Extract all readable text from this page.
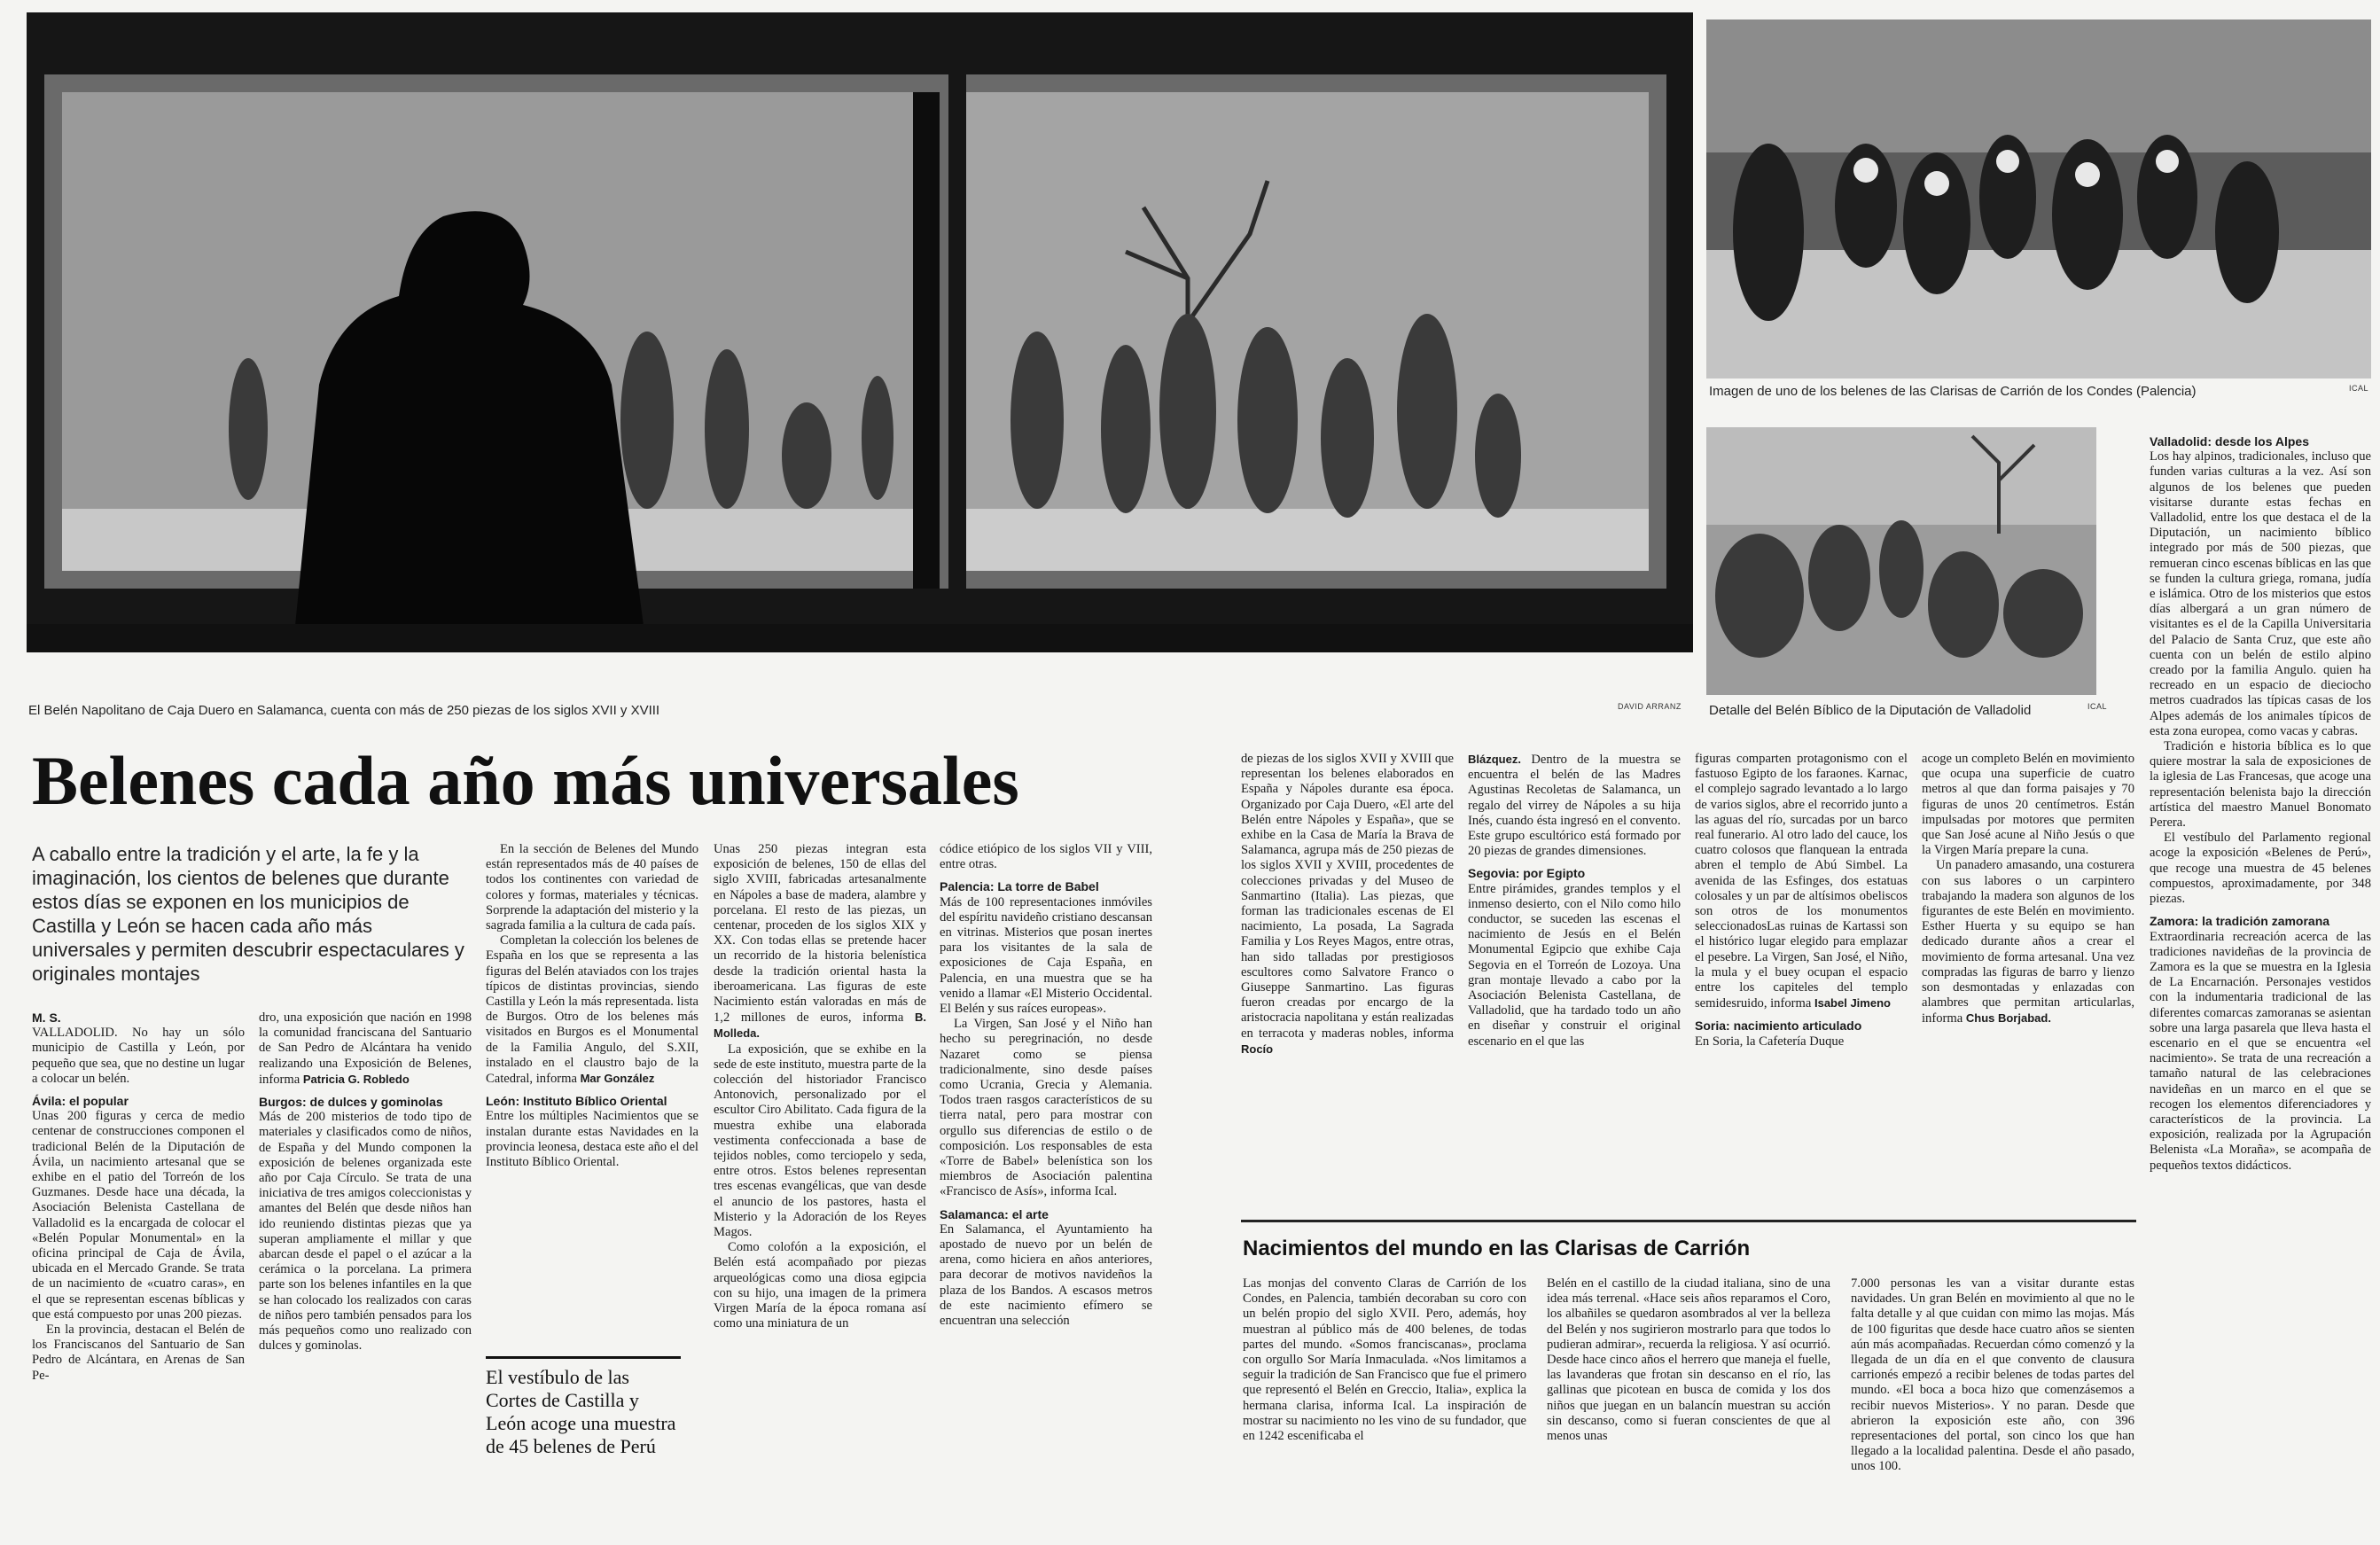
El Belén Napolitano de Caja Duero en Salamanca, cuenta con más de 250 piezas de los siglos XVII y XVIII	DAVID ARRANZ
Imagen de uno de los belenes de las Clarisas de Carrión de los Condes (Palencia)	ICAL
Detalle del Belén Bíblico de la Diputación de Valladolid	ICAL
Belenes cada año más universales
A caballo entre la tradición y el arte, la fe y la imaginación, los cientos de belenes que durante estos días se exponen en los municipios de Castilla y León se hacen cada año más universales y permiten descubrir espectaculares y originales montajes

M. S.

VALLADOLID. No hay un sólo municipio de Castilla y León, por pequeño que sea, que no destine un lugar a colocar un belén.

Ávila: el popular

Unas 200 figuras y cerca de medio centenar de construcciones componen el tradicional Belén de la Diputación de Ávila, un nacimiento artesanal que se exhibe en el patio del Torreón de los Guzmanes. Desde hace una década, la Asociación Belenista Castellana de Valladolid es la encargada de colocar el «Belén Popular Monumental» en la oficina principal de Caja de Ávila, ubicada en el Mercado Grande. Se trata de un nacimiento de «cuatro caras», en el que se representan escenas bíblicas y que está compuesto por unas 200 piezas.

En la provincia, destacan el Belén de los Franciscanos del Santuario de San Pedro de Alcántara, en Arenas de San Pe-

dro, una exposición que nación en 1998 la comunidad franciscana del Santuario de San Pedro de Alcántara ha venido realizando una Exposición de Belenes, informa Patricia G. Robledo

Burgos: de dulces y gominolas

Más de 200 misterios de todo tipo de materiales y clasificados como de niños, de España y del Mundo componen la exposición de belenes organizada este año por Caja Círculo. Se trata de una iniciativa de tres amigos coleccionistas y amantes del Belén que desde niños han ido reuniendo distintas piezas que ya superan ampliamente el millar y que abarcan desde el papel o el azúcar a la cerámica o la porcelana. La primera parte son los belenes infantiles en la que se han colocado los realizados con caras de niños pero también pensados para los más pequeños como uno realizado con dulces y gominolas.

En la sección de Belenes del Mundo están representados más de 40 países de todos los continentes con variedad de colores y formas, materiales y técnicas. Sorprende la adaptación del misterio y la sagrada familia a la cultura de cada país.

Completan la colección los belenes de España en los que se representa a las figuras del Belén ataviados con los trajes típicos de distintas provincias, siendo Castilla y León la más representada. lista de Burgos. Otro de los belenes más visitados en Burgos es el Monumental de la Familia Angulo, del S.XII, instalado en el claustro bajo de la Catedral, informa Mar González

León: Instituto Bíblico Oriental

Entre los múltiples Nacimientos que se instalan durante estas Navidades en la provincia leonesa, destaca este año el del Instituto Bíblico Oriental.

El vestíbulo de las Cortes de Castilla y León acoge una muestra de 45 belenes de Perú

Unas 250 piezas integran esta exposición de belenes, 150 de ellas del siglo XVIII, fabricadas artesanalmente en Nápoles a base de madera, alambre y porcelana. El resto de las piezas, un centenar, proceden de los siglos XIX y XX. Con todas ellas se pretende hacer un recorrido de la historia belenística desde la tradición oriental hasta la iberoamericana. Las figuras de este Nacimiento están valoradas en más de 1,2 millones de euros, informa B. Molleda.

La exposición, que se exhibe en la sede de este instituto, muestra parte de la colección del historiador Francisco Antonovich, personalizado por el escultor Ciro Abilitato. Cada figura de la muestra exhibe una elaborada vestimenta confeccionada a base de tejidos nobles, como terciopelo y seda, entre otros. Estos belenes representan tres escenas evangélicas, que van desde el anuncio de los pastores, hasta el Misterio y la Adoración de los Reyes Magos.

Como colofón a la exposición, el Belén está acompañado por piezas arqueológicas como una diosa egipcia con su hijo, una imagen de la primera Virgen María de la época romana así como una miniatura de un

códice etiópico de los siglos VII y VIII, entre otras.

Palencia: La torre de Babel

Más de 100 representaciones inmóviles del espíritu navideño cristiano descansan en vitrinas. Misterios que posan inertes para los visitantes de la sala de exposiciones de Caja España, en Palencia, en una muestra que se ha venido a llamar «El Misterio Occidental. El Belén y sus raíces europeas».

La Virgen, San José y el Niño han hecho su peregrinación, no desde Nazaret como se piensa tradicionalmente, sino desde países como Ucrania, Grecia y Alemania. Todos traen rasgos característicos de su tierra natal, pero para mostrar con orgullo sus diferencias de estilo o de composición. Los responsables de esta «Torre de Babel» belenística son los miembros de Asociación palentina «Francisco de Asís», informa Ical.

Salamanca: el arte

En Salamanca, el Ayuntamiento ha apostado de nuevo por un belén de arena, como hiciera en años anteriores, para decorar de motivos navideños la plaza de los Bandos. A escasos metros de este nacimiento efímero se encuentran una selección

de piezas de los siglos XVII y XVIII que representan los belenes elaborados en España y Nápoles durante esa época. Organizado por Caja Duero, «El arte del Belén entre Nápoles y España», que se exhibe en la Casa de María la Brava de Salamanca, agrupa más de 250 piezas de los siglos XVII y XVIII, procedentes de colecciones privadas y del Museo de Sanmartino (Italia). Las piezas, que forman las tradicionales escenas de El nacimiento, La posada, La Sagrada Familia y Los Reyes Magos, entre otras, han sido talladas por prestigiosos escultores como Salvatore Franco o Giuseppe Sanmartino. Las figuras fueron creadas por encargo de la aristocracia napolitana y están realizadas en terracota y maderas nobles, informa Rocío

Blázquez. Dentro de la muestra se encuentra el belén de las Madres Agustinas Recoletas de Salamanca, un regalo del virrey de Nápoles a su hija Inés, cuando ésta ingresó en el convento. Este grupo escultórico está formado por 20 piezas de grandes dimensiones.

Segovia: por Egipto

Entre pirámides, grandes templos y el inmenso desierto, con el Nilo como hilo conductor, se suceden las escenas el nacimiento de Jesús en el Belén Monumental Egipcio que exhibe Caja Segovia en el Torreón de Lozoya. Una gran montaje llevado a cabo por la Asociación Belenista Castellana, de Valladolid, que ha tardado todo un año en diseñar y construir el original escenario en el que las

figuras comparten protagonismo con el fastuoso Egipto de los faraones. Karnac, el complejo sagrado levantado a lo largo de varios siglos, abre el recorrido junto a las aguas del río, surcadas por un barco real funerario. Al otro lado del cauce, los cuatro colosos que flanquean la entrada abren el templo de Abú Simbel. La avenida de las Esfinges, dos estatuas colosales y un par de altísimos obeliscos son otros de los monumentos seleccionadosLas ruinas de Kartassi son el histórico lugar elegido para emplazar el pesebre. La Virgen, San José, el Niño, la mula y el buey ocupan el espacio entre los capiteles del templo semidesruido, informa Isabel Jimeno

Soria: nacimiento articulado

En Soria, la Cafetería Duque

acoge un completo Belén en movimiento que ocupa una superficie de cuatro metros al que dan forma paisajes y 70 figuras de unos 20 centímetros. Están impulsadas por motores que permiten que San José acune al Niño Jesús o que la Virgen María prepare la cuna.

Un panadero amasando, una costurera con sus labores o un carpintero trabajando la madera son algunos de los figurantes de este Belén en movimiento. Esther Huerta y su equipo se han dedicado durante años a crear el movimiento de forma artesanal. Una vez compradas las figuras de barro y lienzo son desmontadas y enlazadas con alambres que permitan articularlas, informa Chus Borjabad.

Valladolid: desde los Alpes

Los hay alpinos, tradicionales, incluso que funden varias culturas a la vez. Así son algunos de los belenes que pueden visitarse durante estas fechas en Valladolid, entre los que destaca el de la Diputación, un nacimiento bíblico integrado por más de 500 piezas, que remueran cinco escenas bíblicas en las que se funden la cultura griega, romana, judía e islámica. Otro de los misterios que estos días albergará a un gran número de visitantes es el de la Capilla Universitaria del Palacio de Santa Cruz, que este año cuenta con un belén de estilo alpino creado por la familia Angulo. quien ha recreado en un espacio de dieciocho metros cuadrados las típicas casas de los Alpes además de los animales típicos de esta zona europea, como vacas y cabras.

Tradición e historia bíblica es lo que quiere mostrar la sala de exposiciones de la iglesia de Las Francesas, que acoge una representación belenista bajo la dirección artística del maestro Manuel Bonomato Perera.

El vestíbulo del Parlamento regional acoge la exposición «Belenes de Perú», que recoge una muestra de 45 belenes compuestos, aproximadamente, por 348 piezas.

Zamora: la tradición zamorana

Extraordinaria recreación acerca de las tradiciones navideñas de la provincia de Zamora es la que se muestra en la Iglesia de La Encarnación. Personajes vestidos con la indumentaria tradicional de las diferentes comarcas zamoranas se asientan sobre una larga pasarela que lleva hasta el escenario en el que se encuentra «el nacimiento». Se trata de una recreación a tamaño natural de las celebraciones navideñas en un marco en el que se recogen los elementos diferenciadores y característicos de la provincia. La exposición, realizada por la Agrupación Belenista «La Moraña», se acompaña de pequeños textos didácticos.

Nacimientos del mundo en las Clarisas de Carrión

Las monjas del convento Claras de Carrión de los Condes, en Palencia, también decoraban su coro con un belén propio del siglo XVII. Pero, además, hoy muestran al público más de 400 belenes, de todas partes del mundo. «Somos franciscanas», proclama con orgullo Sor María Inmaculada. «Nos limitamos a seguir la tradición de San Francisco que fue el primero que representó el Belén en Greccio, Italia», explica la hermana clarisa, informa Ical. La inspiración de mostrar su nacimiento no les vino de su fundador, que en 1242 escenificaba el

Belén en el castillo de la ciudad italiana, sino de una idea más terrenal. «Hace seis años reparamos el Coro, los albañiles se quedaron asombrados al ver la belleza del Belén y nos sugirieron mostrarlo para que todos lo pudieran admirar», recuerda la religiosa. Y así ocurrió. Desde hace cinco años el herrero que maneja el fuelle, las lavanderas que frotan sin descanso en el río, las gallinas que picotean en busca de comida y los dos niños que juegan en un balancín muestran su acción sin descanso, como si fueran conscientes de que al menos unas

7.000 personas les van a visitar durante estas navidades. Un gran Belén en movimiento al que no le falta detalle y al que cuidan con mimo las mojas. Más de 100 figuritas que desde hace cuatro años se sienten aún más acompañadas. Recuerdan cómo comenzó y la llegada de un día en el que convento de clausura carrionés empezó a recibir belenes de todas partes del mundo. «El boca a boca hizo que comenzásemos a recibir nuevos Misterios». Y no paran. Desde que abrieron la exposición este año, con 396 representaciones del portal, son cinco los que han llegado a la localidad palentina. Desde el año pasado, unos 100.
